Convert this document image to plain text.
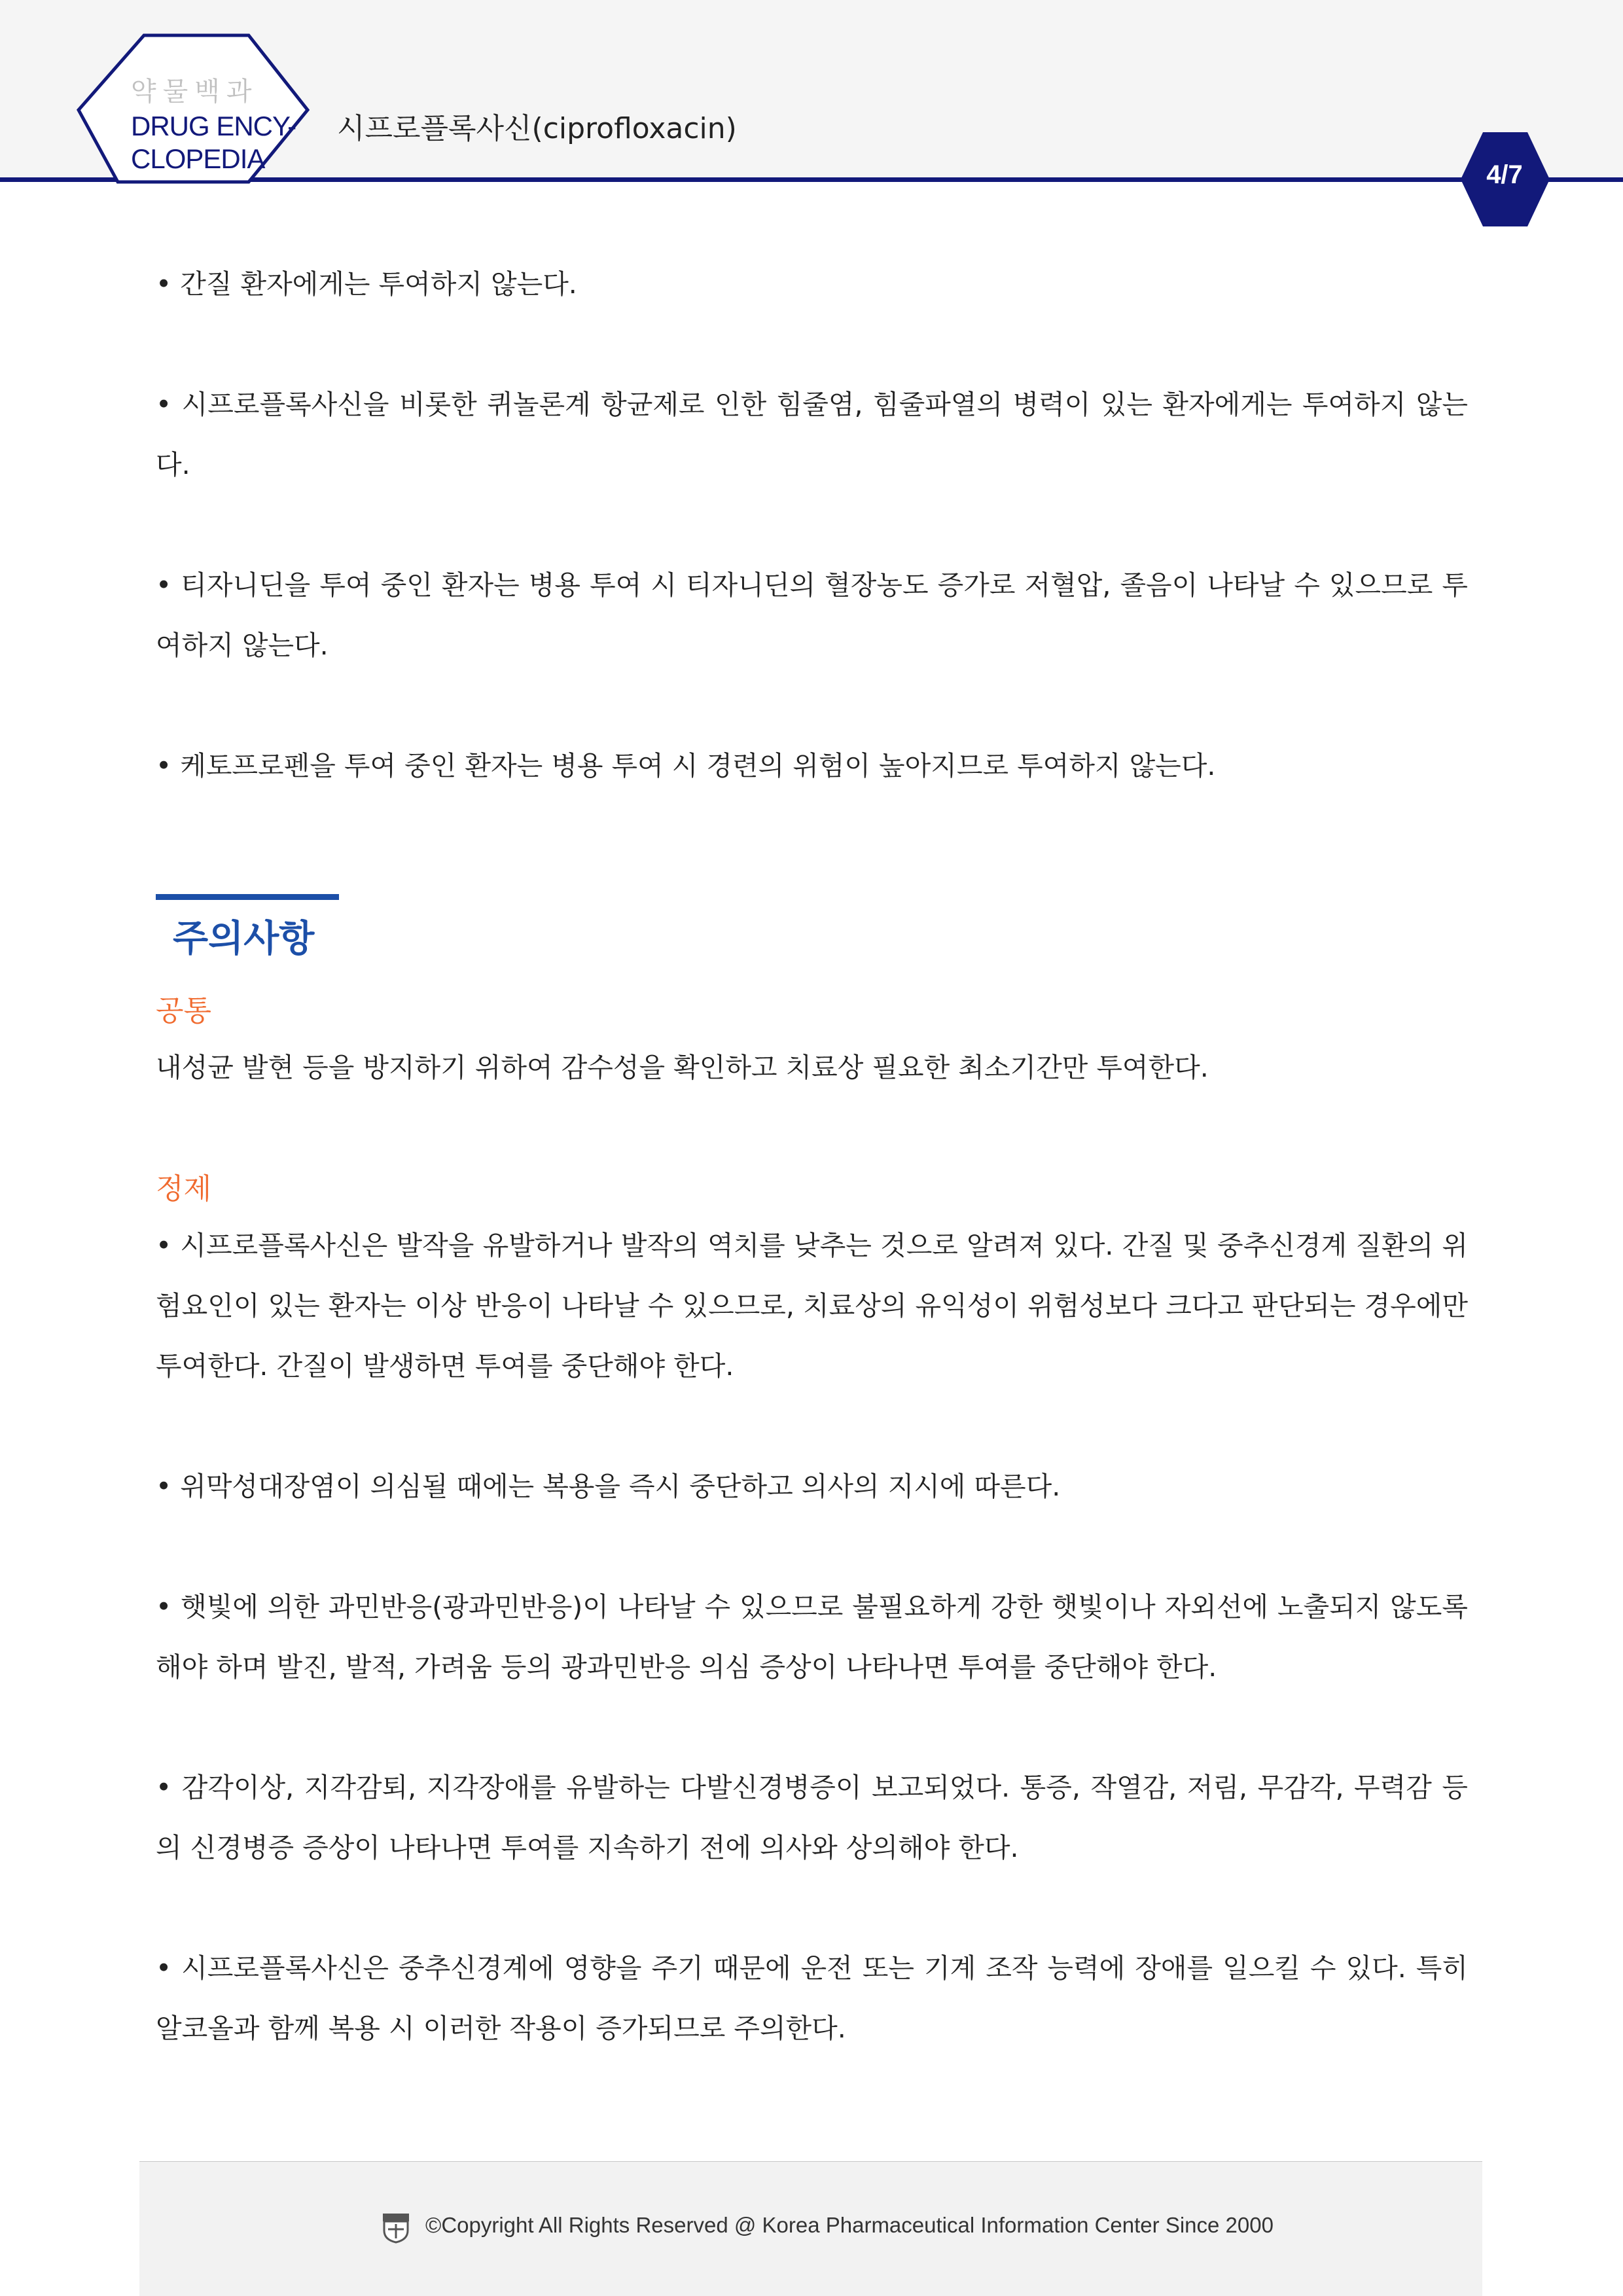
약물백과
DRUG ENCY-
CLOPEDIA
시프로플록사신(ciprofloxacin)
4/7

• 간질 환자에게는 투여하지 않는다.

• 시프로플록사신을 비롯한 퀴놀론계 항균제로 인한 힘줄염, 힘줄파열의 병력이 있는 환자에게는 투여하지 않는다.

• 티자니딘을 투여 중인 환자는 병용 투여 시 티자니딘의 혈장농도 증가로 저혈압, 졸음이 나타날 수 있으므로 투여하지 않는다.

• 케토프로펜을 투여 중인 환자는 병용 투여 시 경련의 위험이 높아지므로 투여하지 않는다.

주의사항
공통

내성균 발현 등을 방지하기 위하여 감수성을 확인하고 치료상 필요한 최소기간만 투여한다.

정제

• 시프로플록사신은 발작을 유발하거나 발작의 역치를 낮추는 것으로 알려져 있다. 간질 및 중추신경계 질환의 위험요인이 있는 환자는 이상 반응이 나타날 수 있으므로, 치료상의 유익성이 위험성보다 크다고 판단되는 경우에만 투여한다. 간질이 발생하면 투여를 중단해야 한다.

• 위막성대장염이 의심될 때에는 복용을 즉시 중단하고 의사의 지시에 따른다.

• 햇빛에 의한 과민반응(광과민반응)이 나타날 수 있으므로 불필요하게 강한 햇빛이나 자외선에 노출되지 않도록 해야 하며 발진, 발적, 가려움 등의 광과민반응 의심 증상이 나타나면 투여를 중단해야 한다.

• 감각이상, 지각감퇴, 지각장애를 유발하는 다발신경병증이 보고되었다. 통증, 작열감, 저림, 무감각, 무력감 등의 신경병증 증상이 나타나면 투여를 지속하기 전에 의사와 상의해야 한다.

• 시프로플록사신은 중추신경계에 영향을 주기 때문에 운전 또는 기계 조작 능력에 장애를 일으킬 수 있다. 특히 알코올과 함께 복용 시 이러한 작용이 증가되므로 주의한다.

©Copyright All Rights Reserved @ Korea Pharmaceutical Information Center Since 2000
